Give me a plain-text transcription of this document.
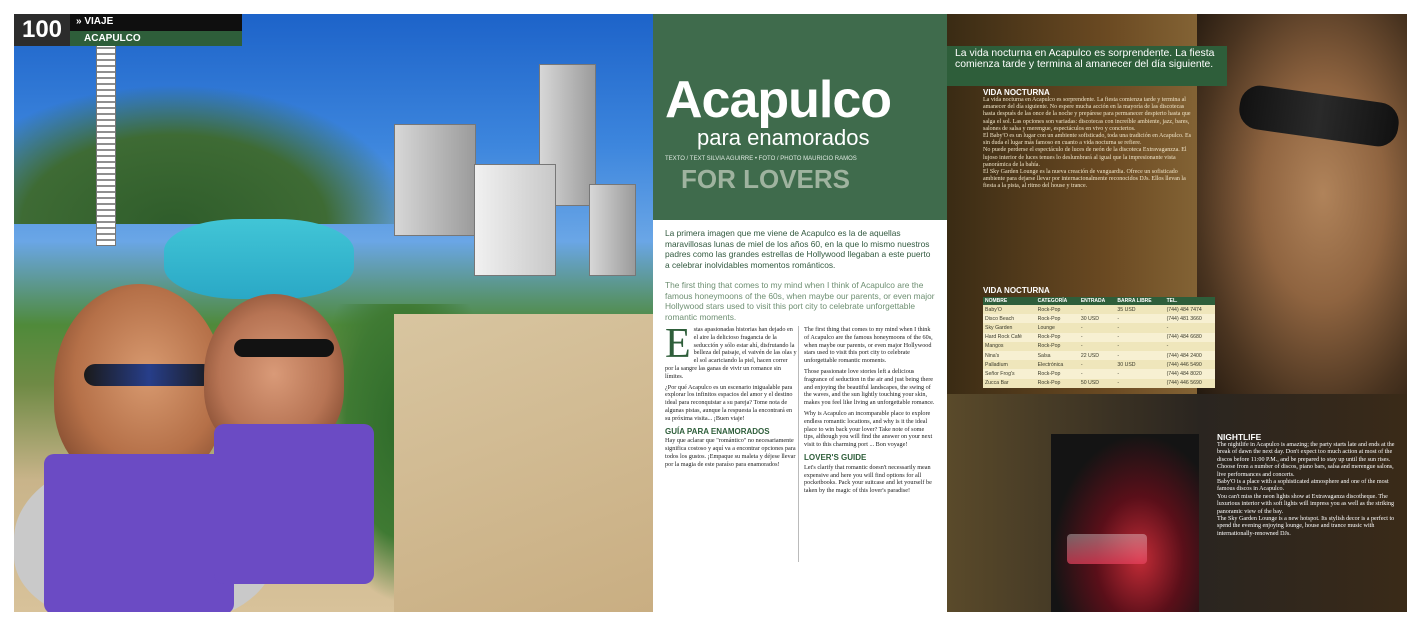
100	» VIAJE
ACAPULCO
Acapulco
para enamorados
TEXTO / TEXT SILVIA AGUIRRE • FOTO / PHOTO MAURICIO RAMOS
FOR LOVERS
La primera imagen que me viene de Acapulco es la de aquellas maravillosas lunas de miel de los años 60, en la que lo mismo nuestros padres como las grandes estrellas de Hollywood llegaban a este puerto a celebrar inolvidables momentos románticos.
The first thing that comes to my mind when I think of Acapulco are the famous honeymoons of the 60s, when maybe our parents, or even major Hollywood stars used to visit this port city to celebrate unforgettable romantic moments.
E stas apasionadas historias han dejado en el aire la delicioso fragancia de la seducción y sólo estar ahí, disfrutando la belleza del paisaje, el vaivén de las olas y el sol acariciando la piel, hacen correr por la sangre las ganas de vivir un romance sin límites.

¿Por qué Acapulco es un escenario inigualable para explorar los infinitos espacios del amor y el destino ideal para reconquistar a su pareja? Tome nota de algunas pistas, aunque la respuesta la encontrará en su próxima visita... ¡Buen viaje!

GUÍA PARA ENAMORADOS

Hay que aclarar que "romántico" no necesariamente significa costoso y aquí va a encontrar opciones para todos los gustos. ¡Empaque su maleta y déjese llevar por la magia de este paraíso para enamorados!

The first thing that comes to my mind when I think of Acapulco are the famous honeymoons of the 60s, when maybe our parents, or even major Hollywood stars used to visit this port city to celebrate unforgettable romantic moments.

Those passionate love stories left a delicious fragrance of seduction in the air and just being there and enjoying the beautiful landscapes, the swing of the waves, and the sun lightly touching your skin, makes you feel like living an unforgettable romance.

Why is Acapulco an incomparable place to explore endless romantic locations, and why is it the ideal place to win back your lover? Take note of some tips, although you will find the answer on your next visit to this charming port ... Bon voyage!

LOVER'S GUIDE

Let's clarify that romantic doesn't necessarily mean expensive and here you will find options for all pocketbooks. Pack your suitcase and let yourself be taken by the magic of this lover's paradise!

La vida nocturna en Acapulco es sorprendente. La fiesta comienza tarde y termina al amanecer del día siguiente.

VIDA NOCTURNA

La vida nocturna en Acapulco es sorprendente. La fiesta comienza tarde y termina al amanecer del día siguiente. No espere mucha acción en la mayoría de las discotecas hasta después de las once de la noche y prepárese para permanecer despierto hasta que salga el sol. Las opciones son variadas: discotecas con increíble ambiente, jazz, bares, salones de salsa y merengue, espectáculos en vivo y conciertos.

El Baby'O es un lugar con un ambiente sofisticado, toda una tradición en Acapulco. Es sin duda el lugar más famoso en cuanto a vida nocturna se refiere.

No puede perderse el espectáculo de luces de neón de la discoteca Extravaganzza. El lujoso interior de luces tenues lo deslumbrará al igual que la impresionante vista panorámica de la bahía.

El Sky Garden Lounge es la nueva creación de vanguardia. Ofrece un sofisticado ambiente para dejarse llevar por internacionalmente reconocidos DJs. Ellos llevan la fiesta a la pista, al ritmo del house y trance.

VIDA NOCTURNA
NOMBRE	CATEGORÍA	ENTRADA	BARRA LIBRE	TEL.
Baby'O	Rock-Pop	-	35 USD	(744) 484 7474
Disco Beach	Rock-Pop	30 USD	-	(744) 481 3660
Sky Garden	Lounge	-	-	-
Hard Rock Café	Rock-Pop	-	-	(744) 484 6680
Mangos	Rock-Pop	-	-	-
Nina's	Salsa	22 USD	-	(744) 484 2400
Palladium	Electrónica	-	30 USD	(744) 446 5490
Señor Frog's	Rock-Pop	-	-	(744) 484 8020
Zucca Bar	Rock-Pop	50 USD	-	(744) 446 5690
NIGHTLIFE

The nightlife in Acapulco is amazing; the party starts late and ends at the break of dawn the next day. Don't expect too much action at most of the discos before 11:00 P.M., and be prepared to stay up until the sun rises. Choose from a number of discos, piano bars, salsa and merengue salons, live performances and concerts.

Baby'O is a place with a sophisticated atmosphere and one of the most famous discos in Acapulco.

You can't miss the neon lights show at Extravaganza discotheque. The luxurious interior with soft lights will impress you as well as the striking panoramic view of the bay.

The Sky Garden Lounge is a new hotspot. Its stylish decor is a perfect to spend the evening enjoying lounge, house and trance music with internationally-renowned DJs.
